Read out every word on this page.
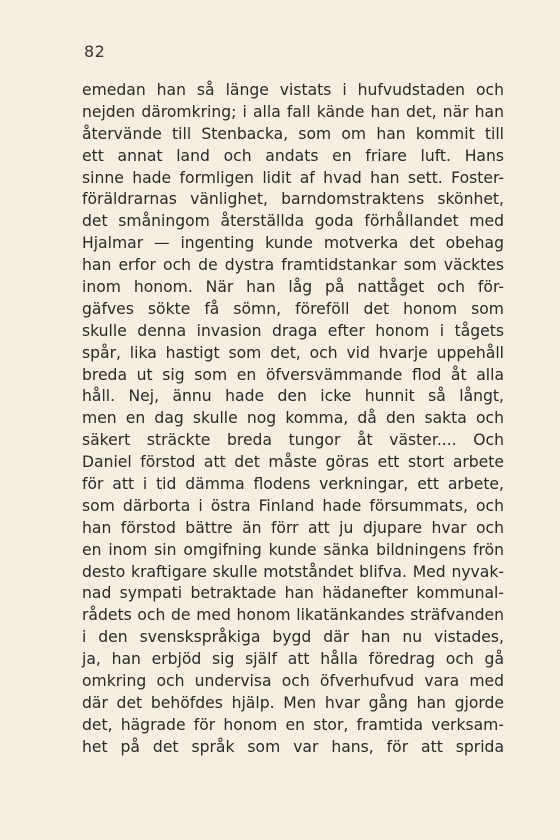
82
emedan han så länge vistats i hufvudstaden och
nejden däromkring; i alla fall kände han det, när han
återvände till Stenbacka, som om han kommit till
ett annat land och andats en friare luft. Hans
sinne hade formligen lidit af hvad han sett. Foster-
föräldrarnas vänlighet, barndomstraktens skönhet,
det småningom återställda goda förhållandet med
Hjalmar — ingenting kunde motverka det obehag
han erfor och de dystra framtidstankar som väcktes
inom honom. När han låg på nattåget och för-
gäfves sökte få sömn, föreföll det honom som
skulle denna invasion draga efter honom i tågets
spår, lika hastigt som det, och vid hvarje uppehåll
breda ut sig som en öfversvämmande flod åt alla
håll. Nej, ännu hade den icke hunnit så långt,
men en dag skulle nog komma, då den sakta och
säkert sträckte breda tungor åt väster.... Och
Daniel förstod att det måste göras ett stort arbete
för att i tid dämma flodens verkningar, ett arbete,
som därborta i östra Finland hade försummats, och
han förstod bättre än förr att ju djupare hvar och
en inom sin omgifning kunde sänka bildningens frön
desto kraftigare skulle motståndet blifva. Med nyvak-
nad sympati betraktade han hädanefter kommunal-
rådets och de med honom likatänkandes sträfvanden
i den svenskspråkiga bygd där han nu vistades,
ja, han erbjöd sig själf att hålla föredrag och gå
omkring och undervisa och öfverhufvud vara med
där det behöfdes hjälp. Men hvar gång han gjorde
det, hägrade för honom en stor, framtida verksam-
het på det språk som var hans, för att sprida
